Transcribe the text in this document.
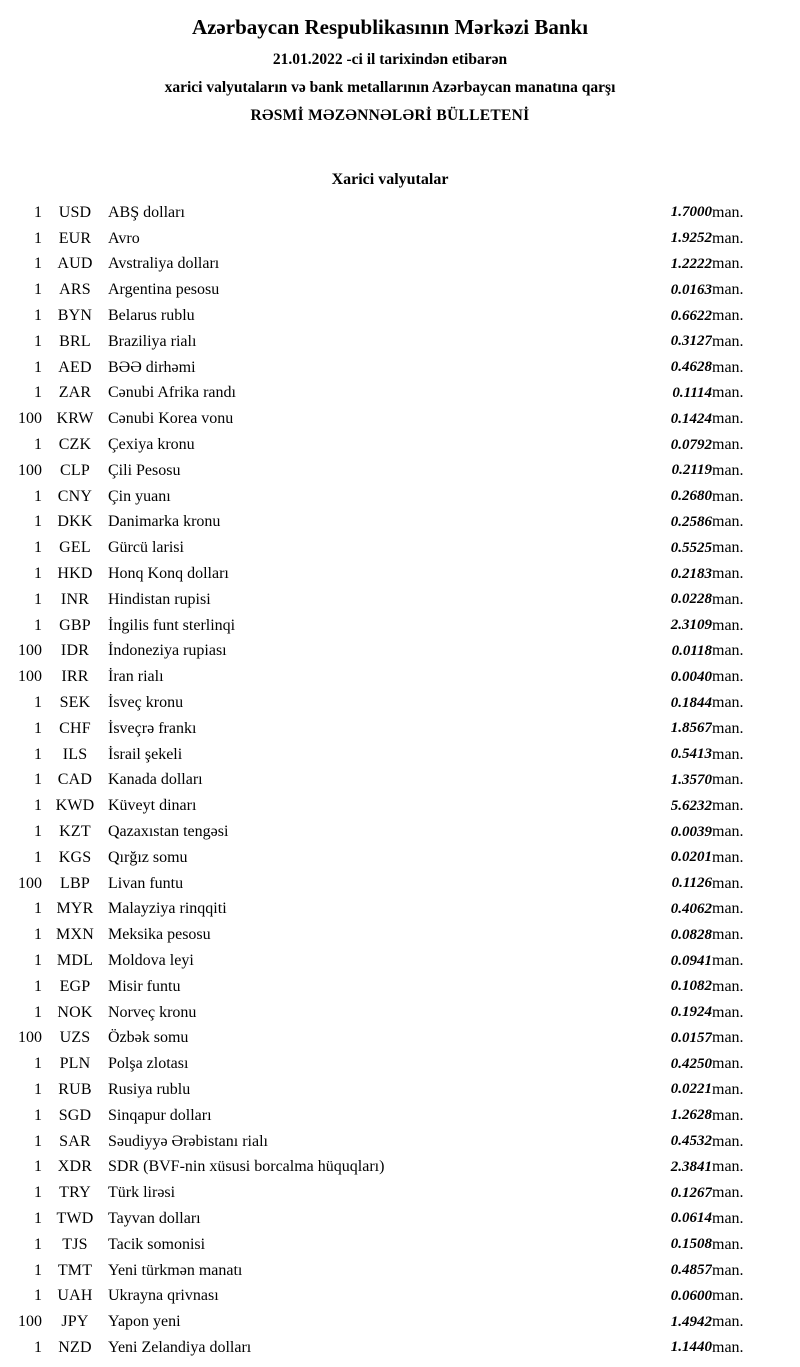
Azərbaycan Respublikasının Mərkəzi Bankı
21.01.2022 -ci il tarixindən etibarən
xarici valyutaların və bank metallarının Azərbaycan manatına qarşı
RƏSMİ MƏZƏNNƏLƏRİ BÜLLETENİ
Xarici valyutalar
1	USD	ABŞ dolları	1.7000	man.
1	EUR	Avro	1.9252	man.
1	AUD	Avstraliya dolları	1.2222	man.
1	ARS	Argentina pesosu	0.0163	man.
1	BYN	Belarus rublu	0.6622	man.
1	BRL	Braziliya rialı	0.3127	man.
1	AED	BƏƏ dirhəmi	0.4628	man.
1	ZAR	Cənubi Afrika randı	0.1114	man.
100	KRW	Cənubi Korea vonu	0.1424	man.
1	CZK	Çexiya kronu	0.0792	man.
100	CLP	Çili Pesosu	0.2119	man.
1	CNY	Çin yuanı	0.2680	man.
1	DKK	Danimarka kronu	0.2586	man.
1	GEL	Gürcü larisi	0.5525	man.
1	HKD	Honq Konq dolları	0.2183	man.
1	INR	Hindistan rupisi	0.0228	man.
1	GBP	İngilis funt sterlinqi	2.3109	man.
100	IDR	İndoneziya rupiası	0.0118	man.
100	IRR	İran rialı	0.0040	man.
1	SEK	İsveç kronu	0.1844	man.
1	CHF	İsveçrə frankı	1.8567	man.
1	ILS	İsrail şekeli	0.5413	man.
1	CAD	Kanada dolları	1.3570	man.
1	KWD	Küveyt dinarı	5.6232	man.
1	KZT	Qazaxıstan tengəsi	0.0039	man.
1	KGS	Qırğız somu	0.0201	man.
100	LBP	Livan funtu	0.1126	man.
1	MYR	Malayziya rinqqiti	0.4062	man.
1	MXN	Meksika pesosu	0.0828	man.
1	MDL	Moldova leyi	0.0941	man.
1	EGP	Misir funtu	0.1082	man.
1	NOK	Norveç kronu	0.1924	man.
100	UZS	Özbək somu	0.0157	man.
1	PLN	Polşa zlotası	0.4250	man.
1	RUB	Rusiya rublu	0.0221	man.
1	SGD	Sinqapur dolları	1.2628	man.
1	SAR	Səudiyyə Ərəbistanı rialı	0.4532	man.
1	XDR	SDR (BVF-nin xüsusi borcalma hüquqları)	2.3841	man.
1	TRY	Türk lirəsi	0.1267	man.
1	TWD	Tayvan dolları	0.0614	man.
1	TJS	Tacik somonisi	0.1508	man.
1	TMT	Yeni türkmən manatı	0.4857	man.
1	UAH	Ukrayna qrivnası	0.0600	man.
100	JPY	Yapon yeni	1.4942	man.
1	NZD	Yeni Zelandiya dolları	1.1440	man.
